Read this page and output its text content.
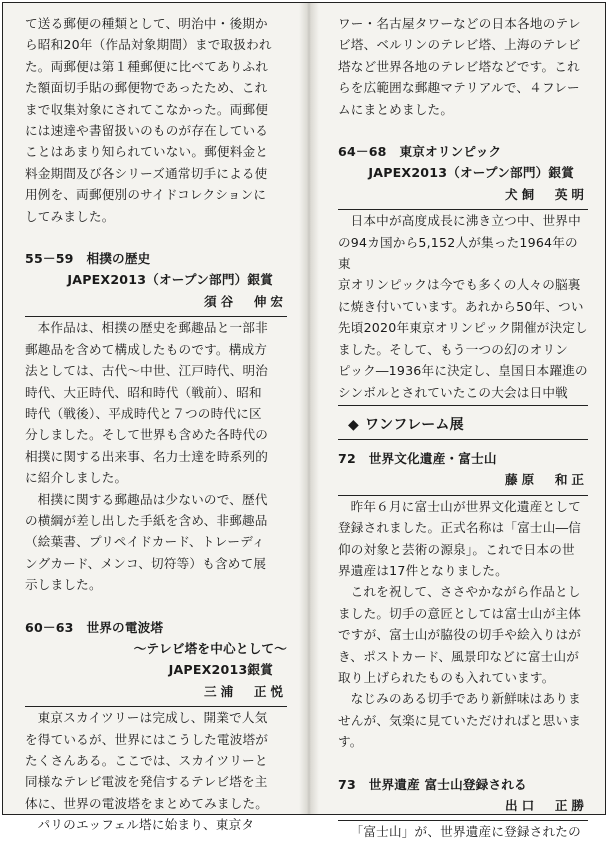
て送る郵便の種類として、明治中・後期か

ら昭和20年（作品対象期間）まで取扱われ

た。両郵便は第１種郵便に比べてありふれ

た額面切手貼の郵便物であったため、これ

まで収集対象にされてこなかった。両郵便

には速達や書留扱いのものが存在している

ことはあまり知られていない。郵便料金と

料金期間及び各シリーズ通常切手による使

用例を、両郵便別のサイドコレクションに

してみました。

55－59　相撲の歴史

JAPEX2013（オープン部門）銀賞

須谷　伸宏

本作品は、相撲の歴史を郵趣品と一部非

郵趣品を含めて構成したものです。構成方

法としては、古代～中世、江戸時代、明治

時代、大正時代、昭和時代（戦前）、昭和

時代（戦後）、平成時代と７つの時代に区

分しました。そして世界も含めた各時代の

相撲に関する出来事、名力士達を時系列的

に紹介しました。

相撲に関する郵趣品は少ないので、歴代

の横綱が差し出した手紙を含め、非郵趣品

（絵葉書、プリペイドカード、トレーディ

ングカード、メンコ、切符等）も含めて展

示しました。

60－63　世界の電波塔

～テレビ塔を中心として～

JAPEX2013銀賞

三浦　正悦

東京スカイツリーは完成し、開業で人気

を得ているが、世界にはこうした電波塔が

たくさんある。ここでは、スカイツリーと

同様なテレビ電波を発信するテレビ塔を主

体に、世界の電波塔をまとめてみました。

パリのエッフェル塔に始まり、東京タ

ワー・名古屋タワーなどの日本各地のテレ

ビ塔、ベルリンのテレビ塔、上海のテレビ

塔など世界各地のテレビ塔などです。これ

らを広範囲な郵趣マテリアルで、４フレー

ムにまとめました。

64－68　東京オリンピック

JAPEX2013（オープン部門）銀賞

犬飼　英明

日本中が高度成長に沸き立つ中、世界中

の94カ国から5,152人が集った1964年の東

京オリンピックは今でも多くの人々の脳裏

に焼き付いています。あれから50年、つい

先頃2020年東京オリンピック開催が決定し

ました。そして、もう一つの幻のオリン

ピック―1936年に決定し、皇国日本躍進の

シンボルとされていたこの大会は日中戦

◆ ワンフレーム展

72　世界文化遺産・富士山

藤原　和正

昨年６月に富士山が世界文化遺産として

登録されました。正式名称は「富士山―信

仰の対象と芸術の源泉」。これで日本の世

界遺産は17件となりました。

これを祝して、ささやかながら作品とし

ました。切手の意匠としては富士山が主体

ですが、富士山が脇役の切手や絵入りはが

き、ポストカード、風景印などに富士山が

取り上げられたものも入れています。

なじみのある切手であり新鮮味はありま

せんが、気楽に見ていただければと思いま

す。

73　世界遺産 富士山登録される

出口　正勝

「富士山」が、世界遺産に登録されたの
